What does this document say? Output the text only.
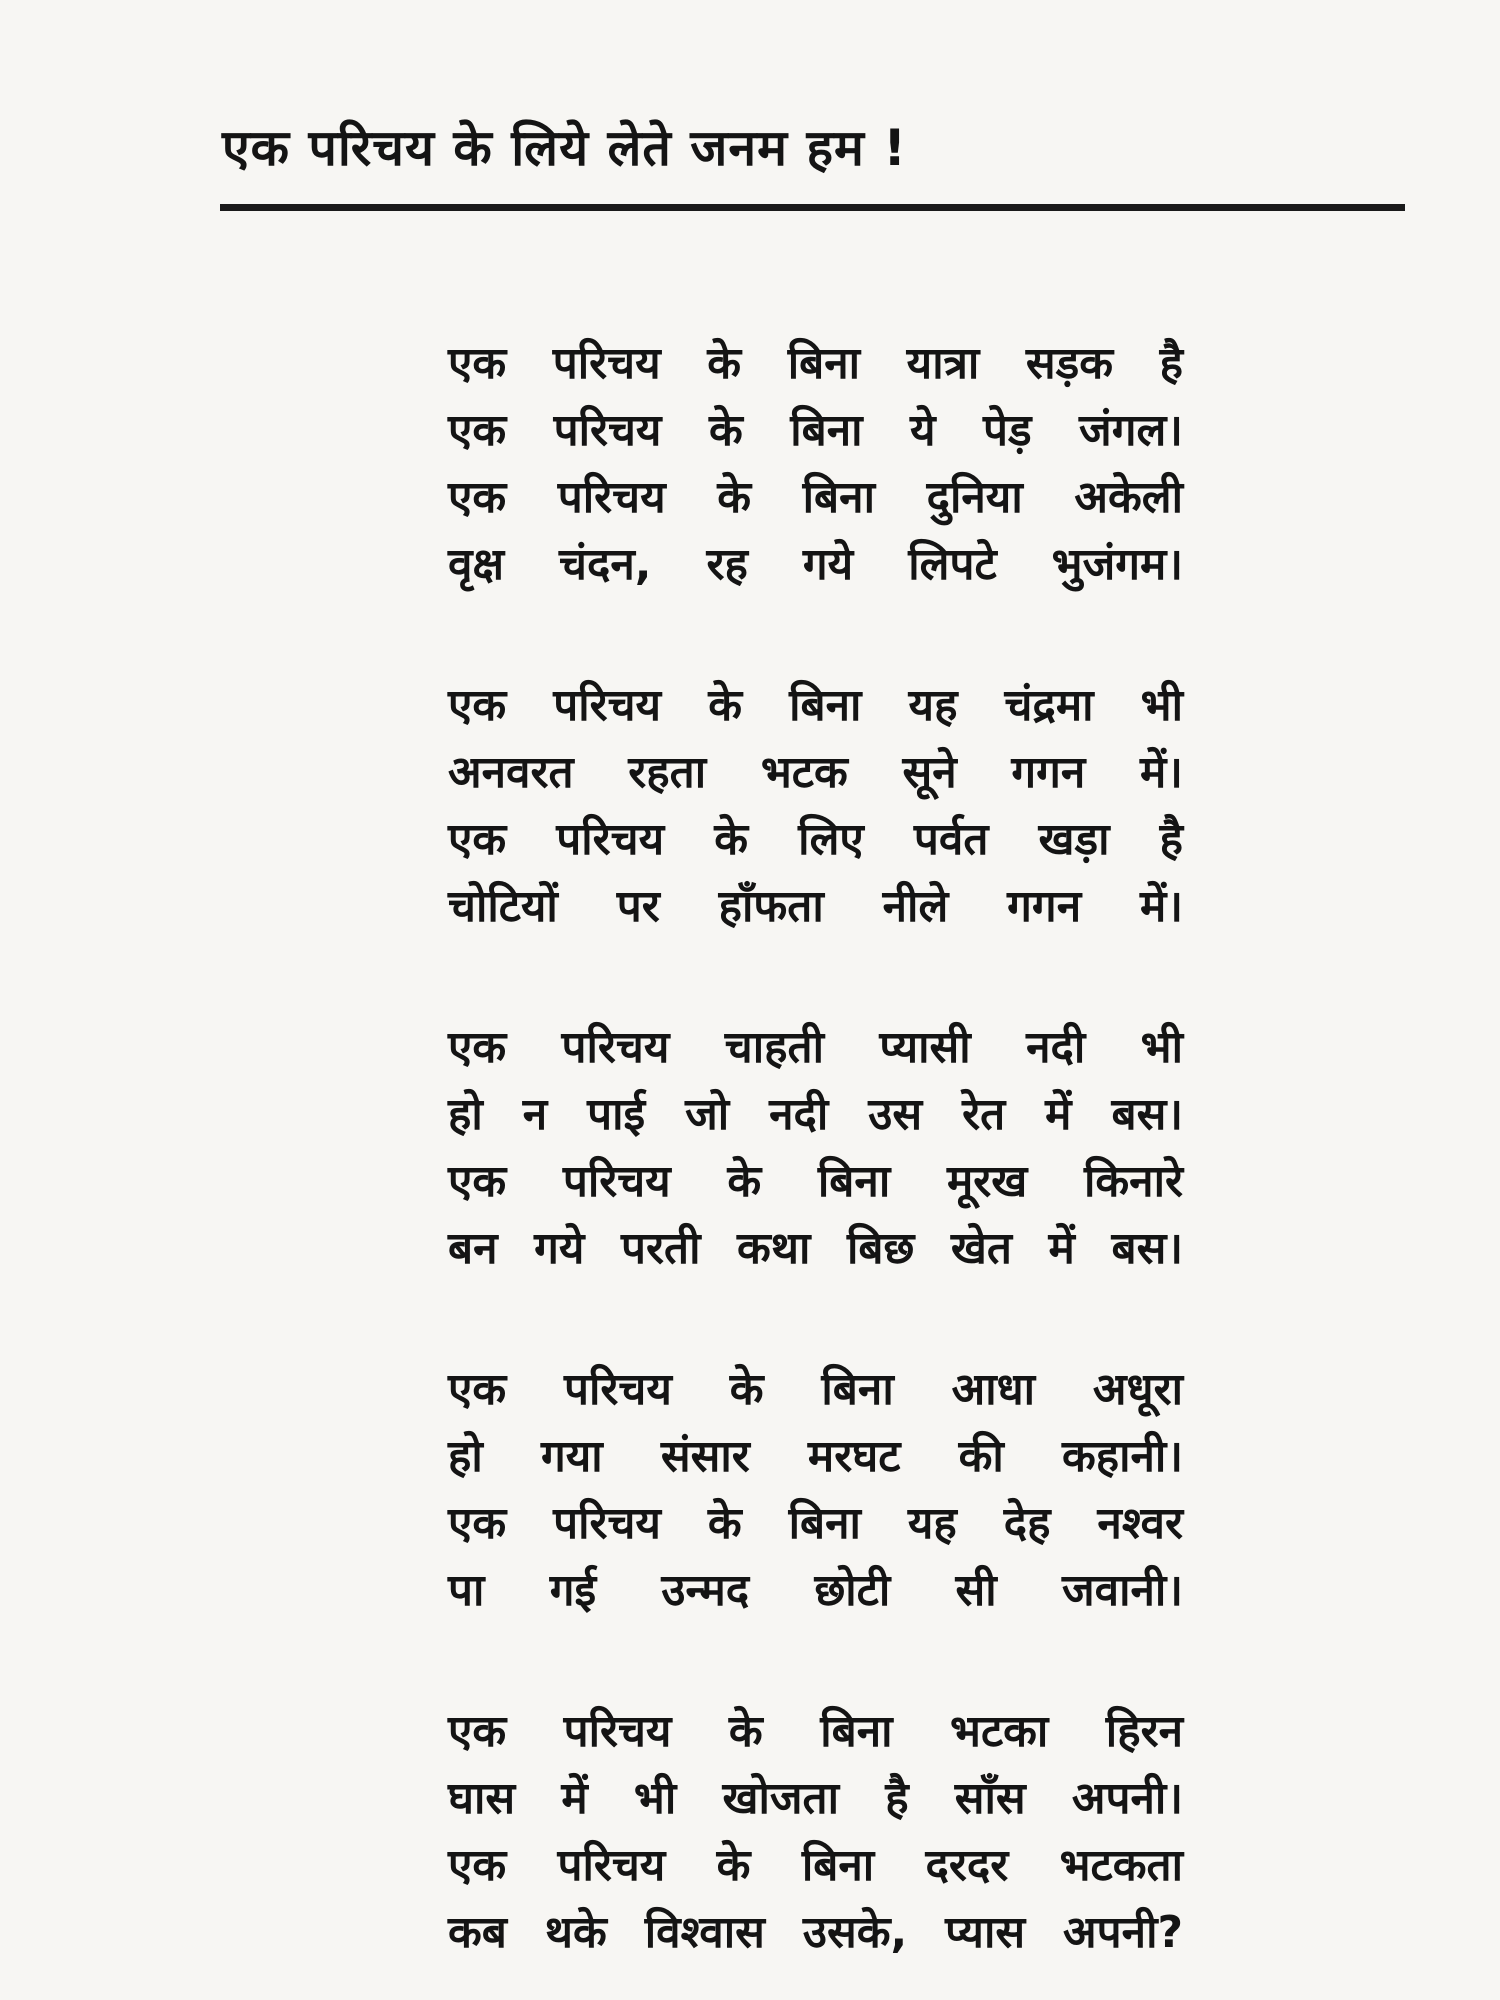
एक परिचय के लिये लेते जनम हम !
एक परिचय के बिना यात्रा सड़क है
एक परिचय के बिना ये पेड़ जंगल।
एक परिचय के बिना दुनिया अकेली
वृक्ष चंदन, रह गये लिपटे भुजंगम।
एक परिचय के बिना यह चंद्रमा भी
अनवरत रहता भटक सूने गगन में।
एक परिचय के लिए पर्वत खड़ा है
चोटियों पर हाँफता नीले गगन में।
एक परिचय चाहती प्यासी नदी भी
हो न पाई जो नदी उस रेत में बस।
एक परिचय के बिना मूरख किनारे
बन गये परती कथा बिछ खेत में बस।
एक परिचय के बिना आधा अधूरा
हो गया संसार मरघट की कहानी।
एक परिचय के बिना यह देह नश्वर
पा गई उन्मद छोटी सी जवानी।
एक परिचय के बिना भटका हिरन
घास में भी खोजता है साँस अपनी।
एक परिचय के बिना दरदर भटकता
कब थके विश्वास उसके, प्यास अपनी?
